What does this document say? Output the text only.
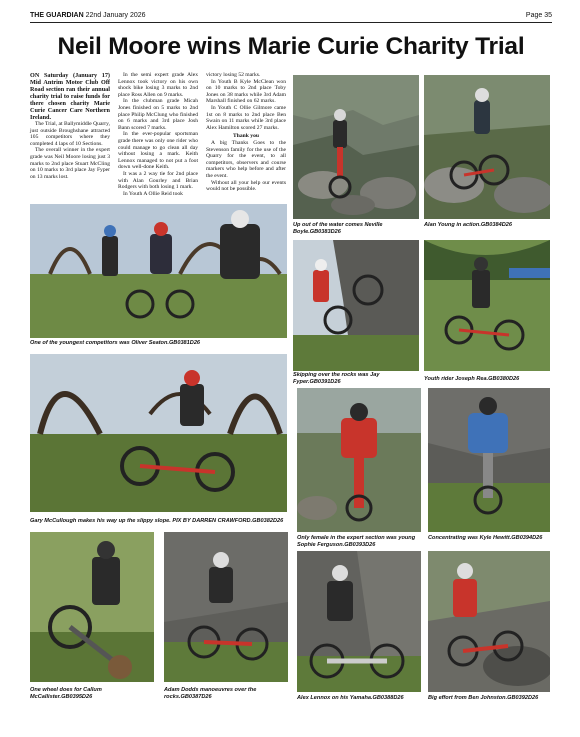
THE GUARDIAN 22nd January 2026	Page 35
Neil Moore wins Marie Curie Charity Trial

ON Saturday (January 17) Mid Antrim Motor Club Off Road section ran their annual charity trial to raise funds for there chosen charity Marie Curie Cancer Care Northern Ireland.

The Trial, at Ballymiddle Quarry, just outside Broughshane attracted 105 competitors where they completed 4 laps of 10 Sections.

The overall winner in the expert grade was Neil Moore losing just 3 marks to 2nd place Stuart McCling on 10 marks to 3rd place Jay Fyper on 13 marks lost.

In the semi expert grade Alex Lennox took victory on his own shock bike losing 3 marks to 2nd place Ross Allen on 9 marks.

In the clubman grade Micah Jones finished on 5 marks to 2nd place Philip McClung who finished on 6 marks and 3rd place Josh Bann scored 7 marks.

In the ever-popular sportsman grade there was only one rider who could manage to go clean all day without losing a mark. Keith Lennox managed to not put a foot down well-done Keith.

It was a 2 way tie for 2nd place with Alan Gourley and Brian Rodgers with both losing 1 mark.

In Youth A Ollie Reid took

victory losing 52 marks.

In Youth B Kyle McClean won on 10 marks to 2nd place Toby Jones on 38 marks while 3rd Adam Marshall finished on 62 marks.

In Youth C Ollie Gilmore came 1st on 8 marks to 2nd place Ben Swain on 11 marks while 3rd place Alex Hamilton scored 27 marks.

Thank you

A big Thanks Goes to the Stevenson family for the use of the Quarry for the event, to all competitors, observers and course markers who help before and after the event.

Without all your help our events would not be possible.

Up out of the water comes Neville Boyle.GB0383D26
Alan Young in action.GB0384D26
One of the youngest competitors was Oliver Seaton.GB0381D26
Skipping over the rocks was Jay Fyper.GB0391D26	Youth rider Joseph Rea.GB0380D26
Gary McCullough makes his way up the slippy slope. PIX BY DARREN CRAWFORD.GB0382D26
Only female in the expert section was young Sophie Ferguson.GB0393D26
Concentrating was Kyle Hewitt.GB0394D26
One wheel does for Callum McCallister.GB0395D26
Adam Dodds manoeuvres over the rocks.GB0387D26	Alex Lennox on his Yamaha.GB0388D26	Big effort from Ben Johnston.GB0392D26
